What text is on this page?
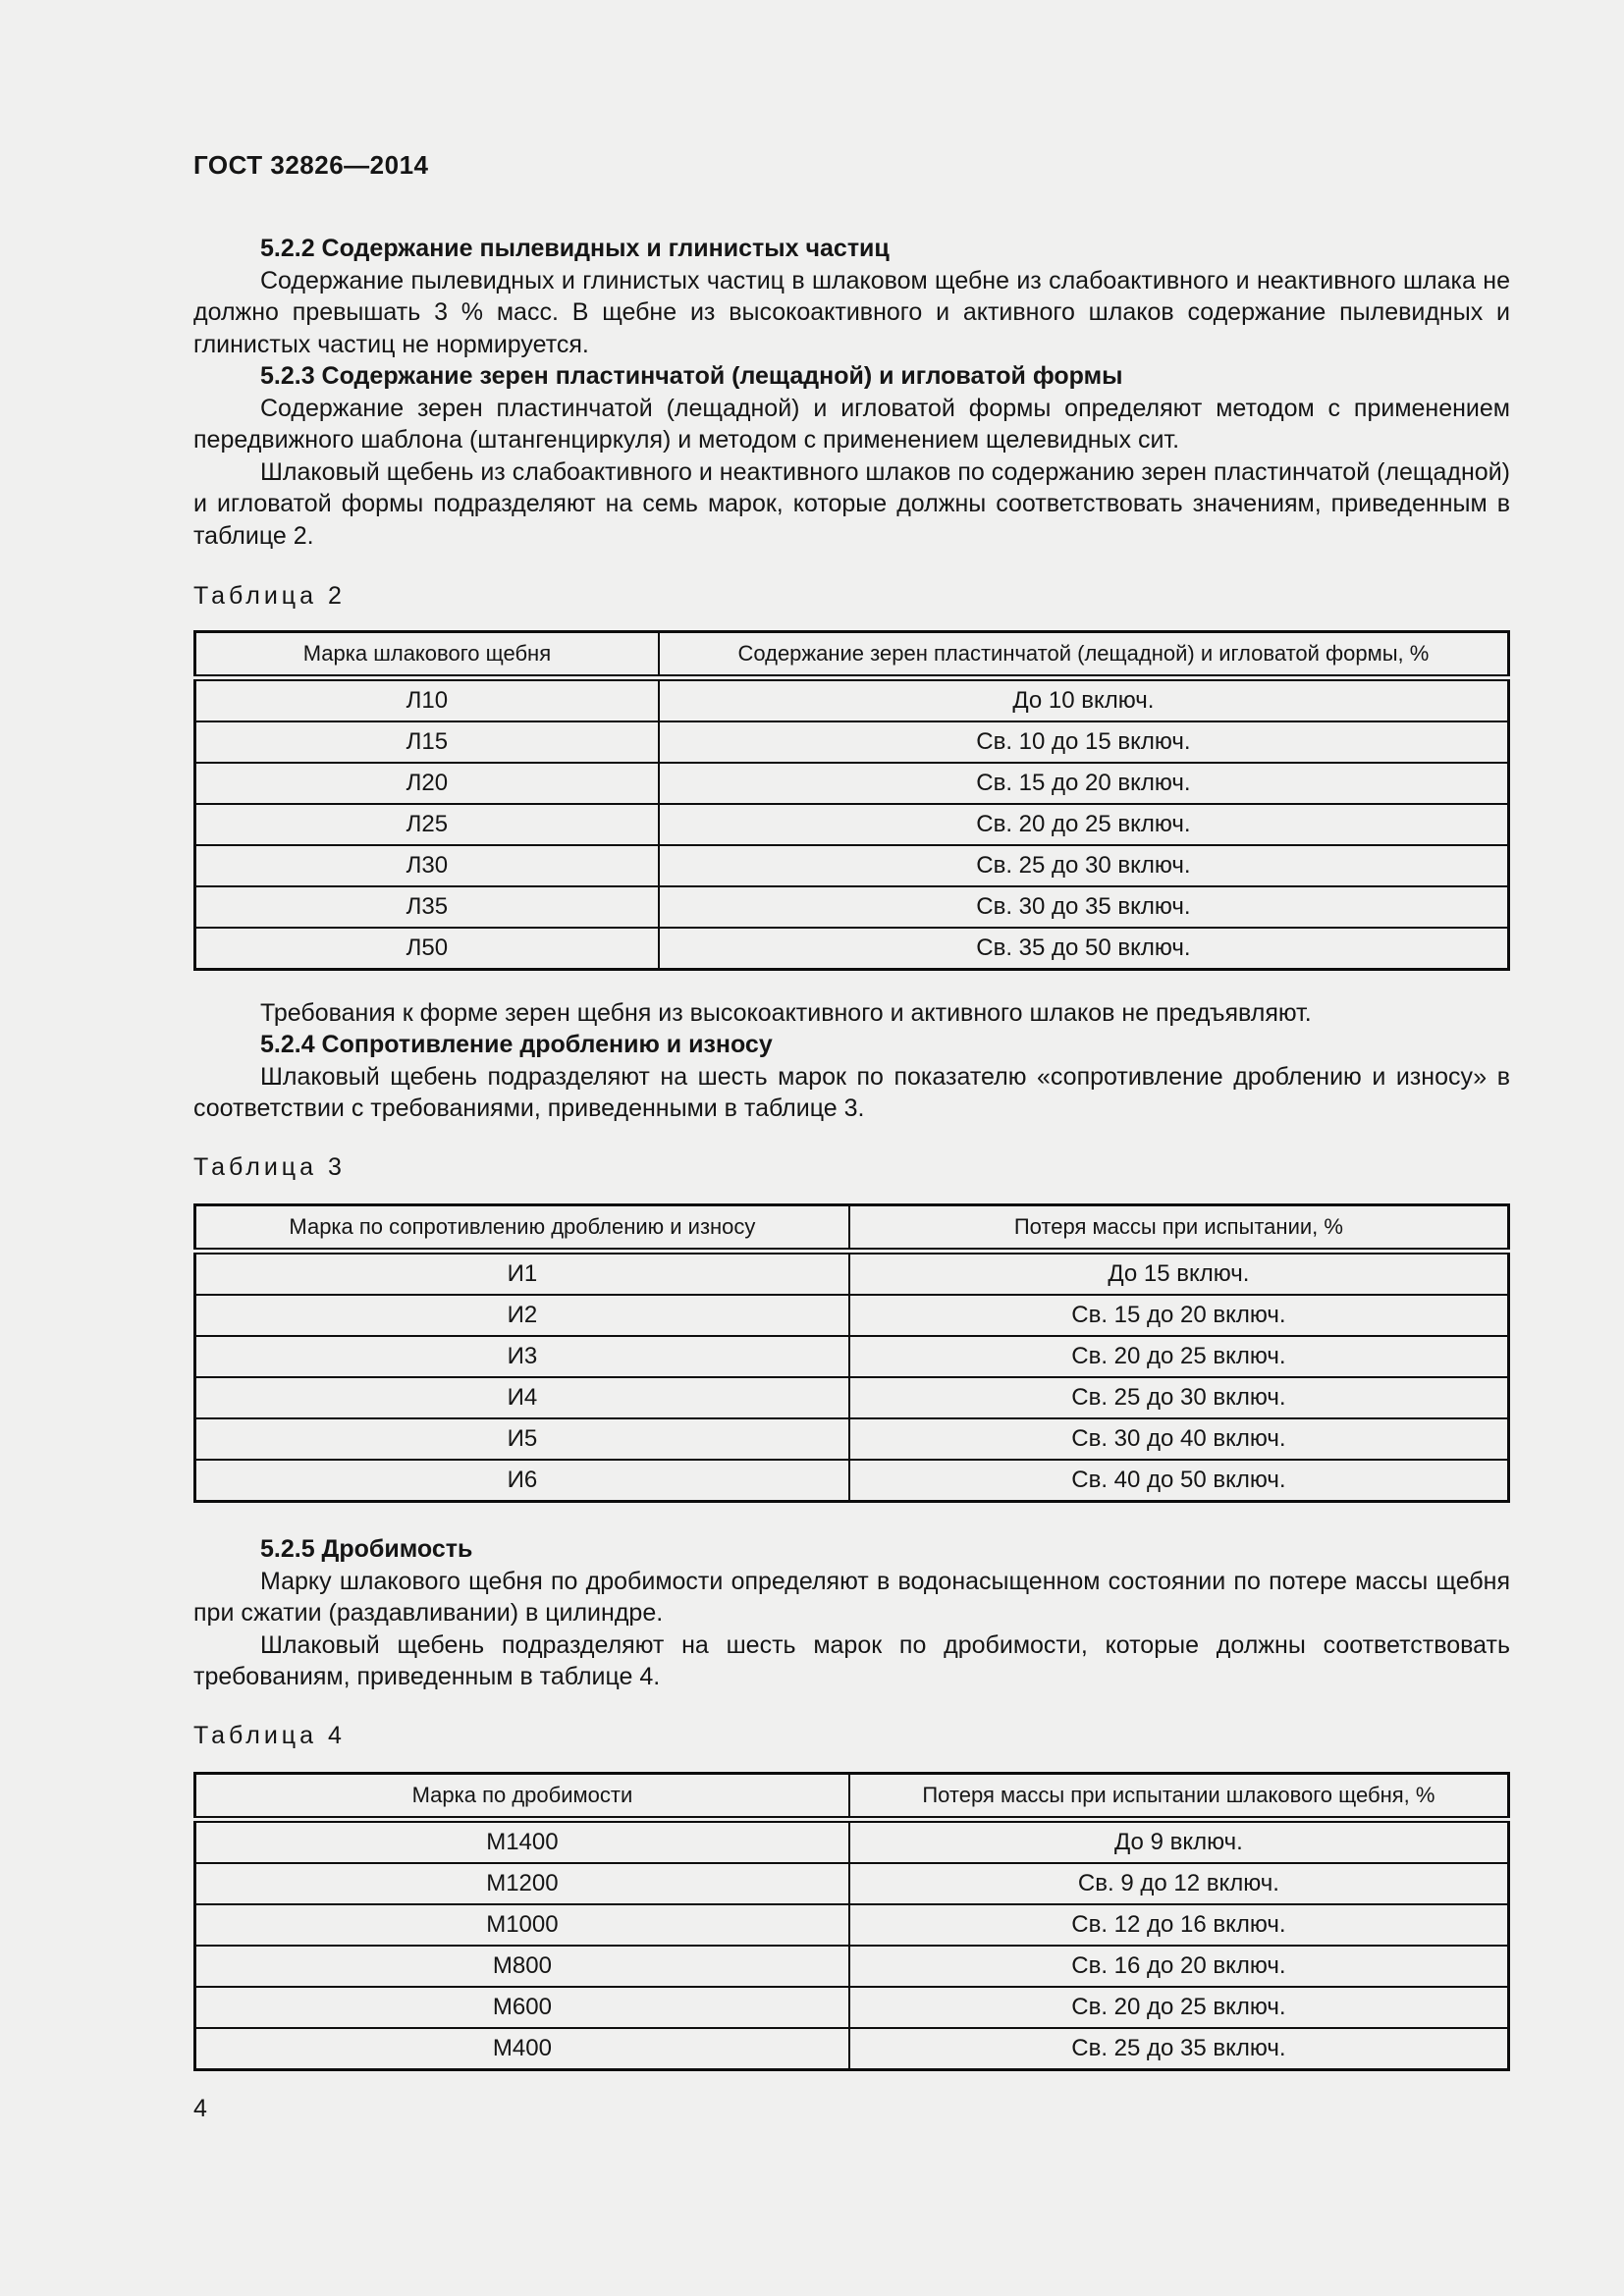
ГОСТ 32826—2014
5.2.2 Содержание пылевидных и глинистых частиц

Содержание пылевидных и глинистых частиц в шлаковом щебне из слабоактивного и неактивного шлака не должно превышать 3 % масс. В щебне из высокоактивного и активного шлаков содержание пылевидных и глинистых частиц не нормируется.

5.2.3 Содержание зерен пластинчатой (лещадной) и игловатой формы

Содержание зерен пластинчатой (лещадной) и игловатой формы определяют методом с применением передвижного шаблона (штангенциркуля) и методом с применением щелевидных сит.

Шлаковый щебень из слабоактивного и неактивного шлаков по содержанию зерен пластинчатой (лещадной) и игловатой формы подразделяют на семь марок, которые должны соответствовать значениям, приведенным в таблице 2.

Таблица 2
Марка шлакового щебня	Содержание зерен пластинчатой (лещадной) и игловатой формы, %
Л10	До 10 включ.
Л15	Св. 10 до 15 включ.
Л20	Св. 15 до 20 включ.
Л25	Св. 20 до 25 включ.
Л30	Св. 25 до 30 включ.
Л35	Св. 30 до 35 включ.
Л50	Св. 35 до 50 включ.

Требования к форме зерен щебня из высокоактивного и активного шлаков не предъявляют.

5.2.4 Сопротивление дроблению и износу

Шлаковый щебень подразделяют на шесть марок по показателю «сопротивление дроблению и износу» в соответствии с требованиями, приведенными в таблице 3.

Таблица 3
Марка по сопротивлению дроблению и износу	Потеря массы при испытании, %
И1	До 15 включ.
И2	Св. 15 до 20 включ.
И3	Св. 20 до 25 включ.
И4	Св. 25 до 30 включ.
И5	Св. 30 до 40 включ.
И6	Св. 40 до 50 включ.
5.2.5 Дробимость

Марку шлакового щебня по дробимости определяют в водонасыщенном состоянии по потере массы щебня при сжатии (раздавливании) в цилиндре.

Шлаковый щебень подразделяют на шесть марок по дробимости, которые должны соответствовать требованиям, приведенным в таблице 4.

Таблица 4
Марка по дробимости	Потеря массы при испытании шлакового щебня, %
М1400	До 9 включ.
М1200	Св. 9 до 12 включ.
М1000	Св. 12 до 16 включ.
М800	Св. 16 до 20 включ.
М600	Св. 20 до 25 включ.
М400	Св. 25 до 35 включ.
4
